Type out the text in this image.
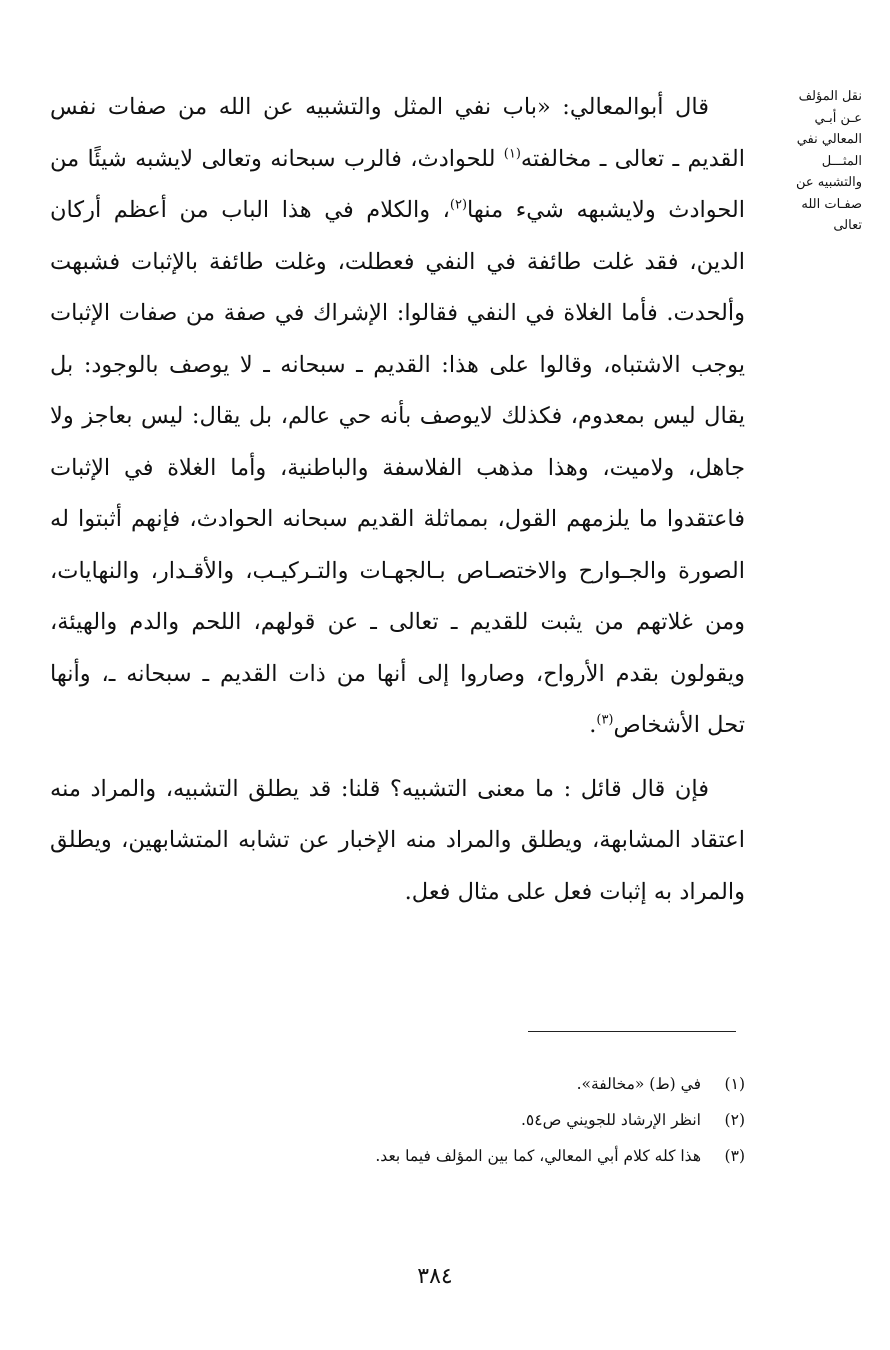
نقل المؤلف
عـن أبـي
المعالي نفي
المثـــل
والتشبيه عن
صفـات الله
تعالى

قال أبوالمعالي: «باب نفي المثل والتشبيه عن الله من صفات نفس القديم ـ تعالى ـ مخالفته$^{(١)}$ للحوادث، فالرب سبحانه وتعالى لايشبه شيئًا من الحوادث ولايشبهه شيء منها$^{(٢)}$، والكلام في هذا الباب من أعظم أركان الدين، فقد غلت طائفة في النفي فعطلت، وغلت طائفة بالإثبات فشبهت وألحدت. فأما الغلاة في النفي فقالوا: الإشراك في صفة من صفات الإثبات يوجب الاشتباه، وقالوا على هذا: القديم ـ سبحانه ـ لا يوصف بالوجود: بل يقال ليس بمعدوم، فكذلك لايوصف بأنه حي عالم، بل يقال: ليس بعاجز ولا جاهل، ولاميت، وهذا مذهب الفلاسفة والباطنية، وأما الغلاة في الإثبات فاعتقدوا ما يلزمهم القول، بمماثلة القديم سبحانه الحوادث، فإنهم أثبتوا له الصورة والجـوارح والاختصـاص بـالجهـات والتـركيـب، والأقـدار، والنهايات، ومن غلاتهم من يثبت للقديم ـ تعالى ـ عن قولهم، اللحم والدم والهيئة، ويقولون بقدم الأرواح، وصاروا إلى أنها من ذات القديم ـ سبحانه ـ، وأنها تحل الأشخاص$^{(٣)}$.

فإن قال قائل : ما معنى التشبيه؟ قلنا: قد يطلق التشبيه، والمراد منه اعتقاد المشابهة، ويطلق والمراد منه الإخبار عن تشابه المتشابهين، ويطلق والمراد به إثبات فعل على مثال فعل.

(١)
في (ط) «مخالفة».
(٢)
انظر الإرشاد للجويني ص٥٤.
(٣)
هذا كله كلام أبي المعالي، كما بين المؤلف فيما بعد.
٣٨٤
